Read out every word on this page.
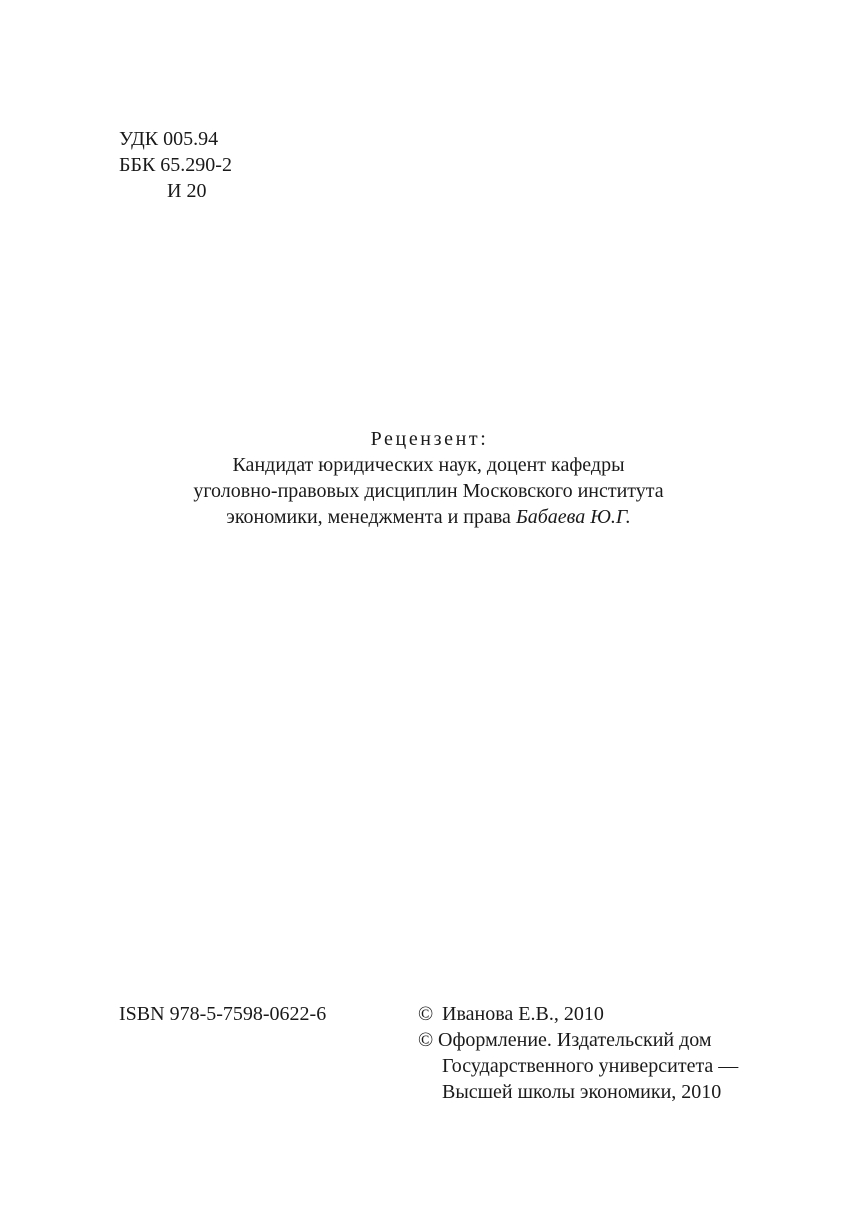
УДК 005.94
ББК 65.290-2
И 20
Рецензент:
Кандидат юридических наук, доцент кафедры
уголовно-правовых дисциплин Московского института
экономики, менеджмента и права Бабаева Ю.Г.
ISBN 978-5-7598-0622-6	© Иванова Е.В., 2010
© Оформление. Издательский дом
Государственного университета —
Высшей школы экономики, 2010
